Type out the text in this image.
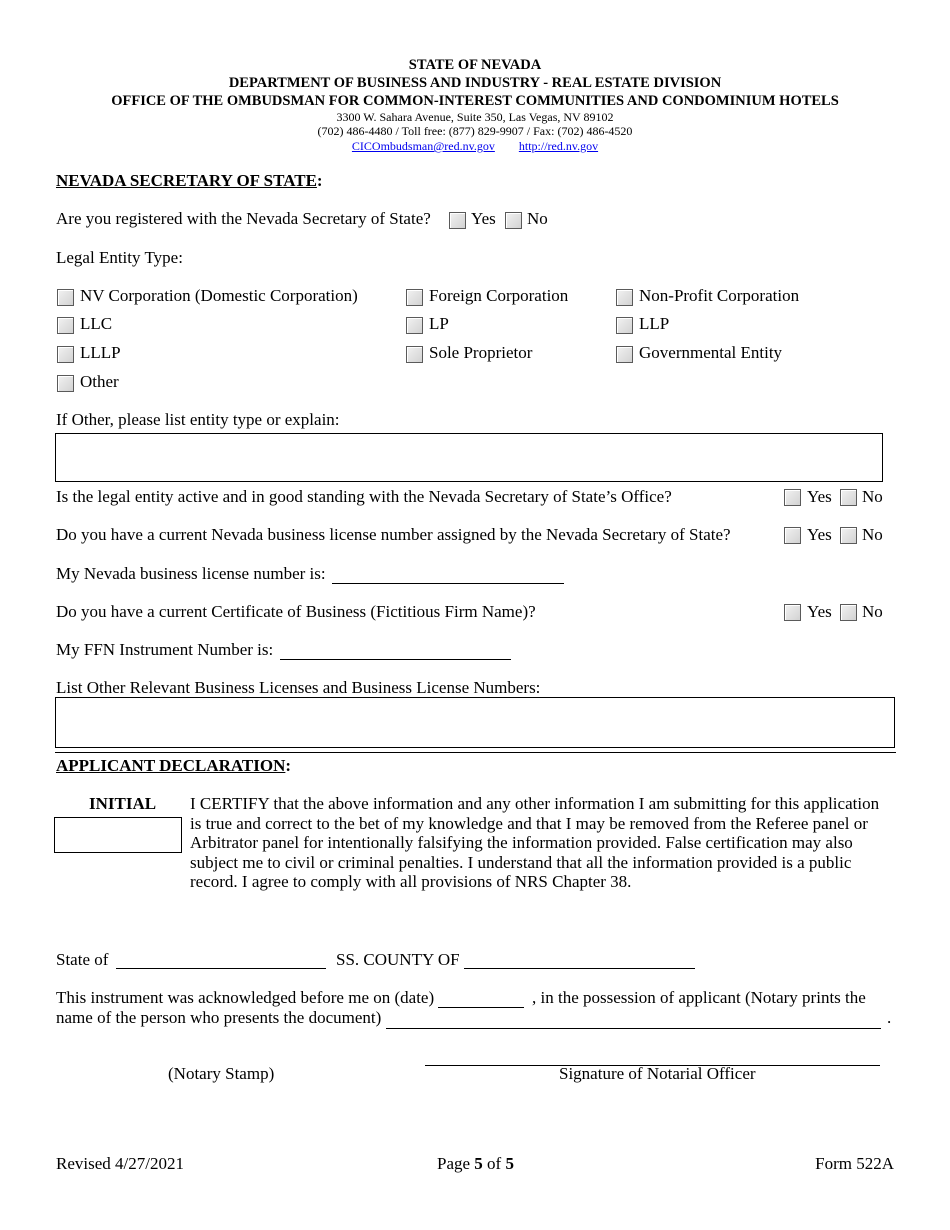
STATE OF NEVADA
DEPARTMENT OF BUSINESS AND INDUSTRY - REAL ESTATE DIVISION
OFFICE OF THE OMBUDSMAN FOR COMMON-INTEREST COMMUNITIES AND CONDOMINIUM HOTELS
3300 W. Sahara Avenue, Suite 350, Las Vegas, NV 89102
(702) 486-4480 / Toll free: (877) 829-9907 / Fax: (702) 486-4520
CICOmbudsman@red.nv.gov http://red.nv.gov
NEVADA SECRETARY OF STATE:
Are you registered with the Nevada Secretary of State? Yes No
Legal Entity Type:
NV Corporation (Domestic Corporation)	Foreign Corporation	Non-Profit Corporation
LLC	LP	LLP
LLLP	Sole Proprietor	Governmental Entity
Other
If Other, please list entity type or explain:
Is the legal entity active and in good standing with the Nevada Secretary of State’s Office?	Yes No
Do you have a current Nevada business license number assigned by the Nevada Secretary of State?	Yes No
My Nevada business license number is:
Do you have a current Certificate of Business (Fictitious Firm Name)?	Yes No
My FFN Instrument Number is:
List Other Relevant Business Licenses and Business License Numbers:
APPLICANT DECLARATION:
INITIAL I CERTIFY that the above information and any other information I am submitting for this application is true and correct to the bet of my knowledge and that I may be removed from the Referee panel or Arbitrator panel for intentionally falsifying the information provided. False certification may also subject me to civil or criminal penalties. I understand that all the information provided is a public record. I agree to comply with all provisions of NRS Chapter 38.
State of	SS. COUNTY OF
This instrument was acknowledged before me on (date)	, in the possession of applicant (Notary prints the
name of the person who presents the document)	.
(Notary Stamp)	Signature of Notarial Officer
Revised 4/27/2021	Page 5 of 5	Form 522A
